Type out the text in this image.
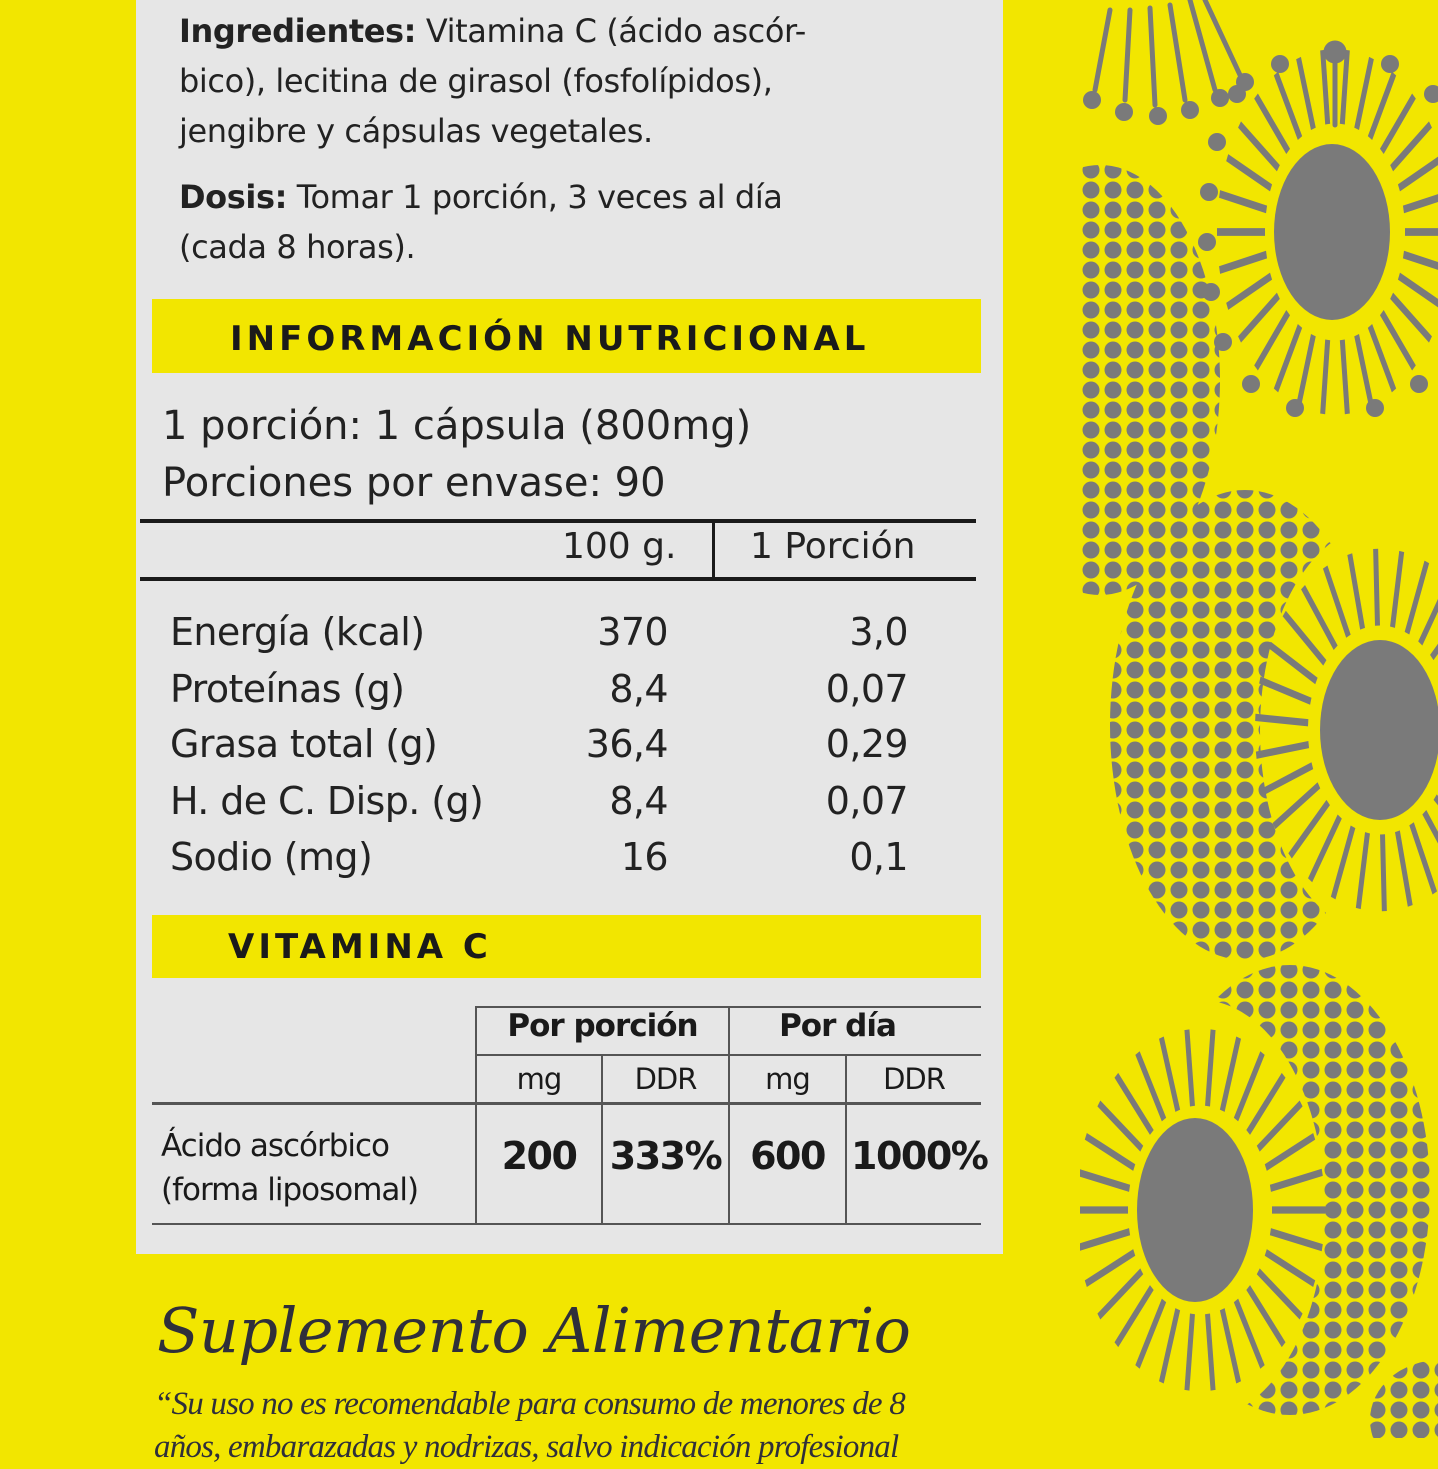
Ingredientes: Vitamina C (ácido ascór-
bico), lecitina de girasol (fosfolípidos),
jengibre y cápsulas vegetales.
Dosis: Tomar 1 porción, 3 veces al día
(cada 8 horas).
INFORMACIÓN NUTRICIONAL
1 porción: 1 cápsula (800mg)
Porciones por envase: 90
100 g. 1 Porción
Energía (kcal)	370	3,0
Proteínas (g)	8,4	0,07
Grasa total (g)	36,4	0,29
H. de C. Disp. (g)	8,4	0,07
Sodio (mg)	16	0,1
VITAMINA C
Por porción	Por día
mg	DDR	mg	DDR
Ácido ascórbico
(forma liposomal)
200 333% 600 1000%
Suplemento Alimentario
“Su uso no es recomendable para consumo de menores de 8
años, embarazadas y nodrizas, salvo indicación profesional
